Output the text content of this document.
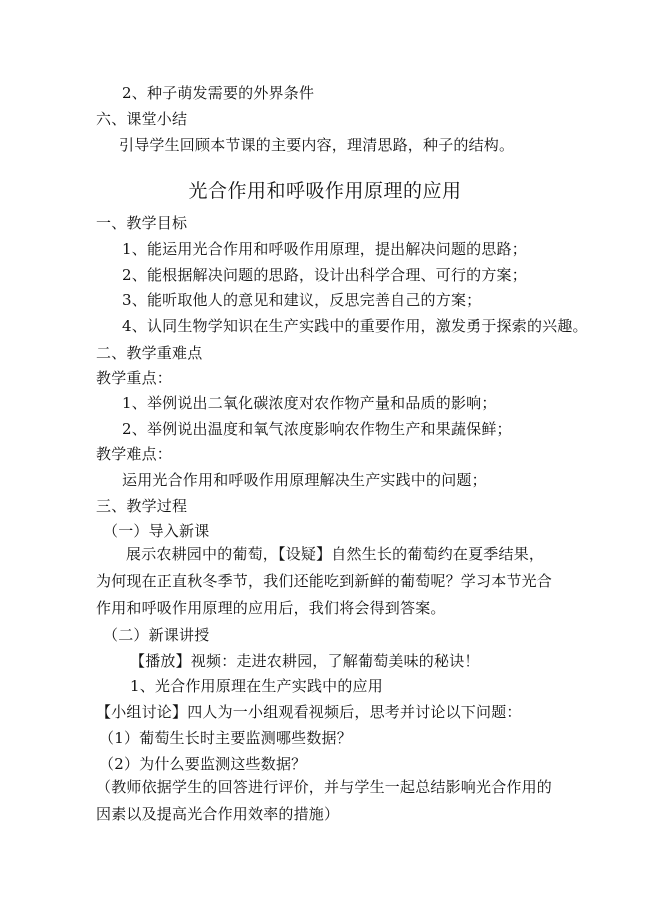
2、种子萌发需要的外界条件
六、课堂小结
引导学生回顾本节课的主要内容，理清思路，种子的结构。
光合作用和呼吸作用原理的应用
一、教学目标
1、能运用光合作用和呼吸作用原理，提出解决问题的思路；
2、能根据解决问题的思路，设计出科学合理、可行的方案；
3、能听取他人的意见和建议，反思完善自己的方案；
4、认同生物学知识在生产实践中的重要作用，激发勇于探索的兴趣。
二、教学重难点
教学重点：
1、举例说出二氧化碳浓度对农作物产量和品质的影响；
2、举例说出温度和氧气浓度影响农作物生产和果蔬保鲜；
教学难点：
运用光合作用和呼吸作用原理解决生产实践中的问题；
三、教学过程
（一）导入新课
展示农耕园中的葡萄，【设疑】自然生长的葡萄约在夏季结果，为何现在正直秋冬季节，我们还能吃到新鲜的葡萄呢？学习本节光合作用和呼吸作用原理的应用后，我们将会得到答案。
（二）新课讲授
【播放】视频：走进农耕园，了解葡萄美味的秘诀！
1、光合作用原理在生产实践中的应用
【小组讨论】四人为一小组观看视频后，思考并讨论以下问题：
（1）葡萄生长时主要监测哪些数据？
（2）为什么要监测这些数据？
（教师依据学生的回答进行评价，并与学生一起总结影响光合作用的因素以及提高光合作用效率的措施）
